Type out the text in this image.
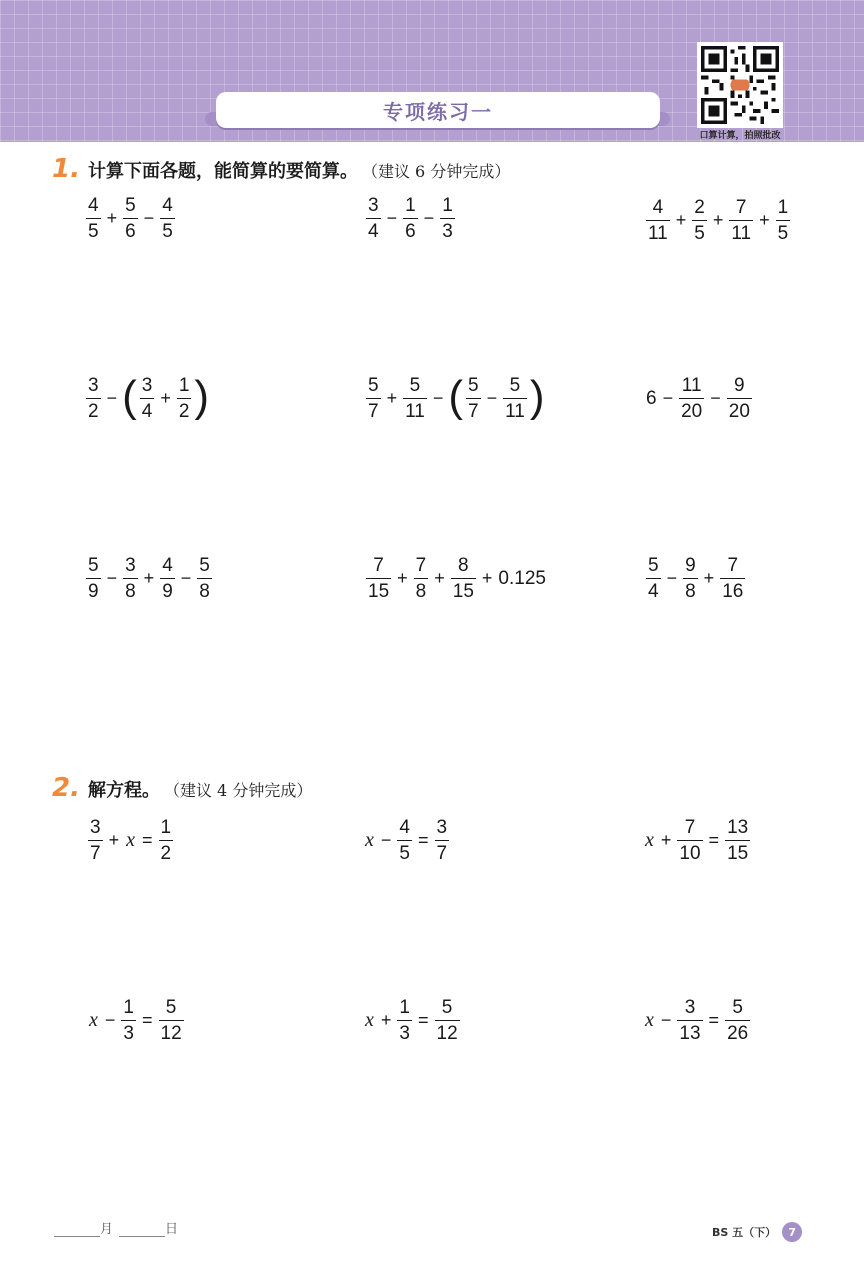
专项练习一
口算计算，拍照批改
1. 计算下面各题，能简算的要简算。 （建议 6 分钟完成）
2. 解方程。 （建议 4 分钟完成）
$\frac{4}{5} + \frac{5}{6} - \frac{4}{5}$	$\frac{3}{4} - \frac{1}{6} - \frac{1}{3}$	$\frac{4}{11} + \frac{2}{5} + \frac{7}{11} + \frac{1}{5}$
$\frac{3}{2}$ − ( $\frac{3}{4} + \frac{1}{2}$ )	$\frac{5}{7} + \frac{5}{11}$ − ( $\frac{5}{7} - \frac{5}{11}$ )	$6 - \frac{11}{20} - \frac{9}{20}$
$\frac{5}{9} - \frac{3}{8} + \frac{4}{9} - \frac{5}{8}$	$\frac{7}{15} + \frac{7}{8} + \frac{8}{15} + 0.125$	$\frac{5}{4} - \frac{9}{8} + \frac{7}{16}$
$\frac{3}{7} + x = \frac{1}{2}$	$x - \frac{4}{5} = \frac{3}{7}$	$x + \frac{7}{10} = \frac{13}{15}$
$x - \frac{1}{3} = \frac{5}{12}$	$x + \frac{1}{3} = \frac{5}{12}$	$x - \frac{3}{13} = \frac{5}{26}$
月	日	BS 五（下）	7
